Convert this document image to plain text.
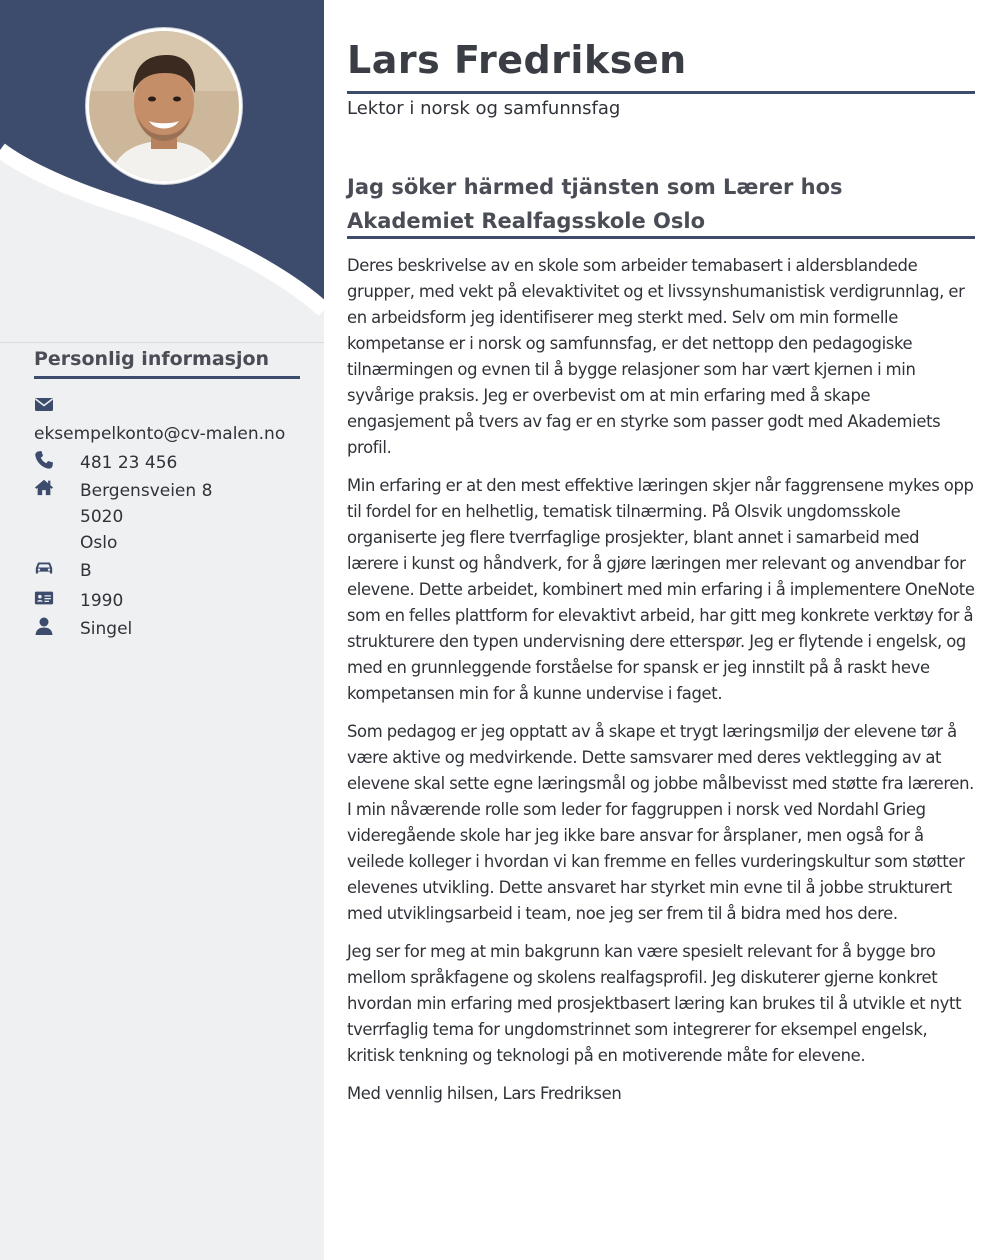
Personlig informasjon
eksempelkonto@cv-malen.no
481 23 456
Bergensveien 8
5020
Oslo
B
1990
Singel
Lars Fredriksen
Lektor i norsk og samfunnsfag
Jag söker härmed tjänsten som Lærer hos Akademiet Realfagsskole Oslo

Deres beskrivelse av en skole som arbeider temabasert i aldersblandede grupper, med vekt på elevaktivitet og et livssynshumanistisk verdigrunnlag, er en arbeidsform jeg identifiserer meg sterkt med. Selv om min formelle kompetanse er i norsk og samfunnsfag, er det nettopp den pedagogiske tilnærmingen og evnen til å bygge relasjoner som har vært kjernen i min syvårige praksis. Jeg er overbevist om at min erfaring med å skape engasjement på tvers av fag er en styrke som passer godt med Akademiets profil.

Min erfaring er at den mest effektive læringen skjer når faggrensene mykes opp til fordel for en helhetlig, tematisk tilnærming. På Olsvik ungdomsskole organiserte jeg flere tverrfaglige prosjekter, blant annet i samarbeid med lærere i kunst og håndverk, for å gjøre læringen mer relevant og anvendbar for elevene. Dette arbeidet, kombinert med min erfaring i å implementere OneNote som en felles plattform for elevaktivt arbeid, har gitt meg konkrete verktøy for å strukturere den typen undervisning dere etterspør. Jeg er flytende i engelsk, og med en grunnleggende forståelse for spansk er jeg innstilt på å raskt heve kompetansen min for å kunne undervise i faget.

Som pedagog er jeg opptatt av å skape et trygt læringsmiljø der elevene tør å være aktive og medvirkende. Dette samsvarer med deres vektlegging av at elevene skal sette egne læringsmål og jobbe målbevisst med støtte fra læreren. I min nåværende rolle som leder for faggruppen i norsk ved Nordahl Grieg videregående skole har jeg ikke bare ansvar for årsplaner, men også for å veilede kolleger i hvordan vi kan fremme en felles vurderingskultur som støtter elevenes utvikling. Dette ansvaret har styrket min evne til å jobbe strukturert med utviklingsarbeid i team, noe jeg ser frem til å bidra med hos dere.

Jeg ser for meg at min bakgrunn kan være spesielt relevant for å bygge bro mellom språkfagene og skolens realfagsprofil. Jeg diskuterer gjerne konkret hvordan min erfaring med prosjektbasert læring kan brukes til å utvikle et nytt tverrfaglig tema for ungdomstrinnet som integrerer for eksempel engelsk, kritisk tenkning og teknologi på en motiverende måte for elevene.

Med vennlig hilsen, Lars Fredriksen
